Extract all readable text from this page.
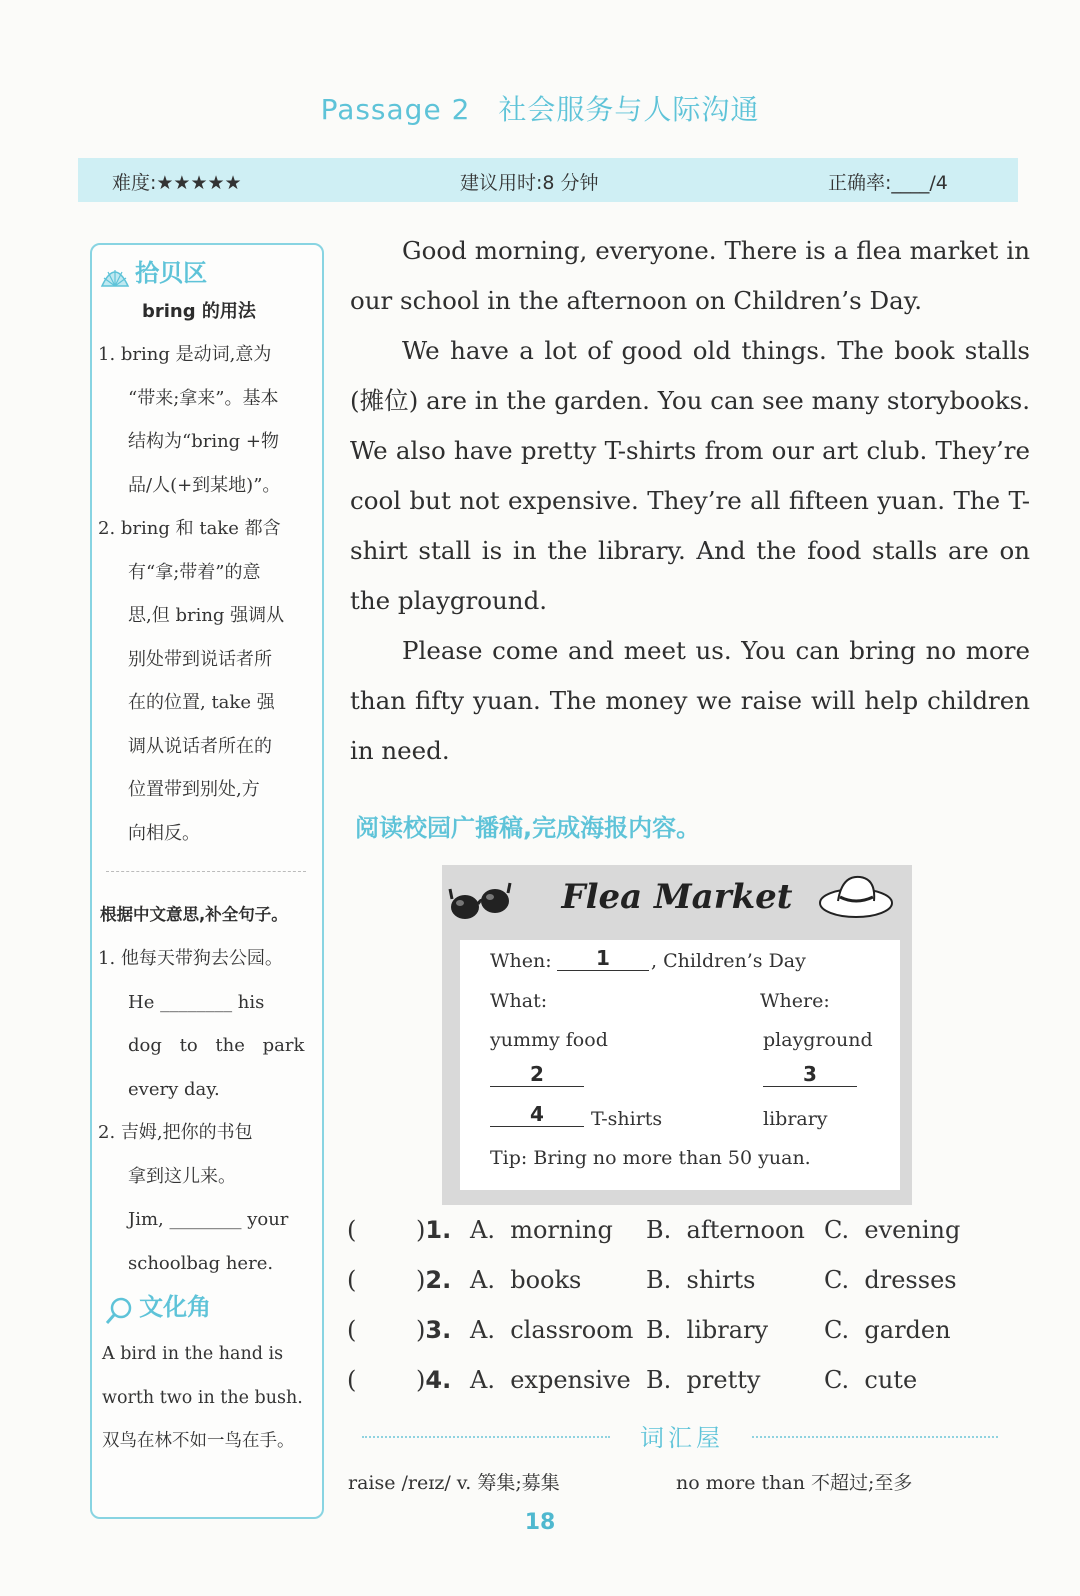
Passage 2 社会服务与人际沟通
难度:★★★★★	建议用时:8 分钟	正确率:____/4
拾贝区
bring 的用法
1. bring 是动词,意为
“带来;拿来”。基本
结构为“bring +物
品/人(+到某地)”。
2. bring 和 take 都含
有“拿;带着”的意
思,但 bring 强调从
别处带到说话者所
在的位置, take 强
调从说话者所在的
位置带到别处,方
向相反。
根据中文意思,补全句子。
1. 他每天带狗去公园。
He ________ his
dog to the park
every day.
2. 吉姆,把你的书包
拿到这儿来。
Jim, ________ your
schoolbag here.
文化角
A bird in the hand is
worth two in the bush.
双鸟在林不如一鸟在手。

Good morning, everyone. There is a flea market in our school in the afternoon on Children’s Day.

We have a lot of good old things. The book stalls (摊位) are in the garden. You can see many storybooks. We also have pretty T-shirts from our art club. They’re cool but not expensive. They’re all fifteen yuan. The T-shirt stall is in the library. And the food stalls are on the playground.

Please come and meet us. You can bring no more than fifty yuan. The money we raise will help children in need.

阅读校园广播稿,完成海报内容。
Flea Market
When:	1	, Children’s Day
What:	Where:
yummy food	playground
2	3
4	T-shirts	library
Tip: Bring no more than 50 yuan.
( )1. A.  morning B.  afternoon C.  evening
( )2. A.  books	B.  shirts	C.  dresses
( )3. A.  classroom B.  library C.  garden
( )4. A.  expensive B.  pretty	C.  cute
词汇屋
raise /reɪz/ v. 筹集;募集	no more than 不超过;至多
18
